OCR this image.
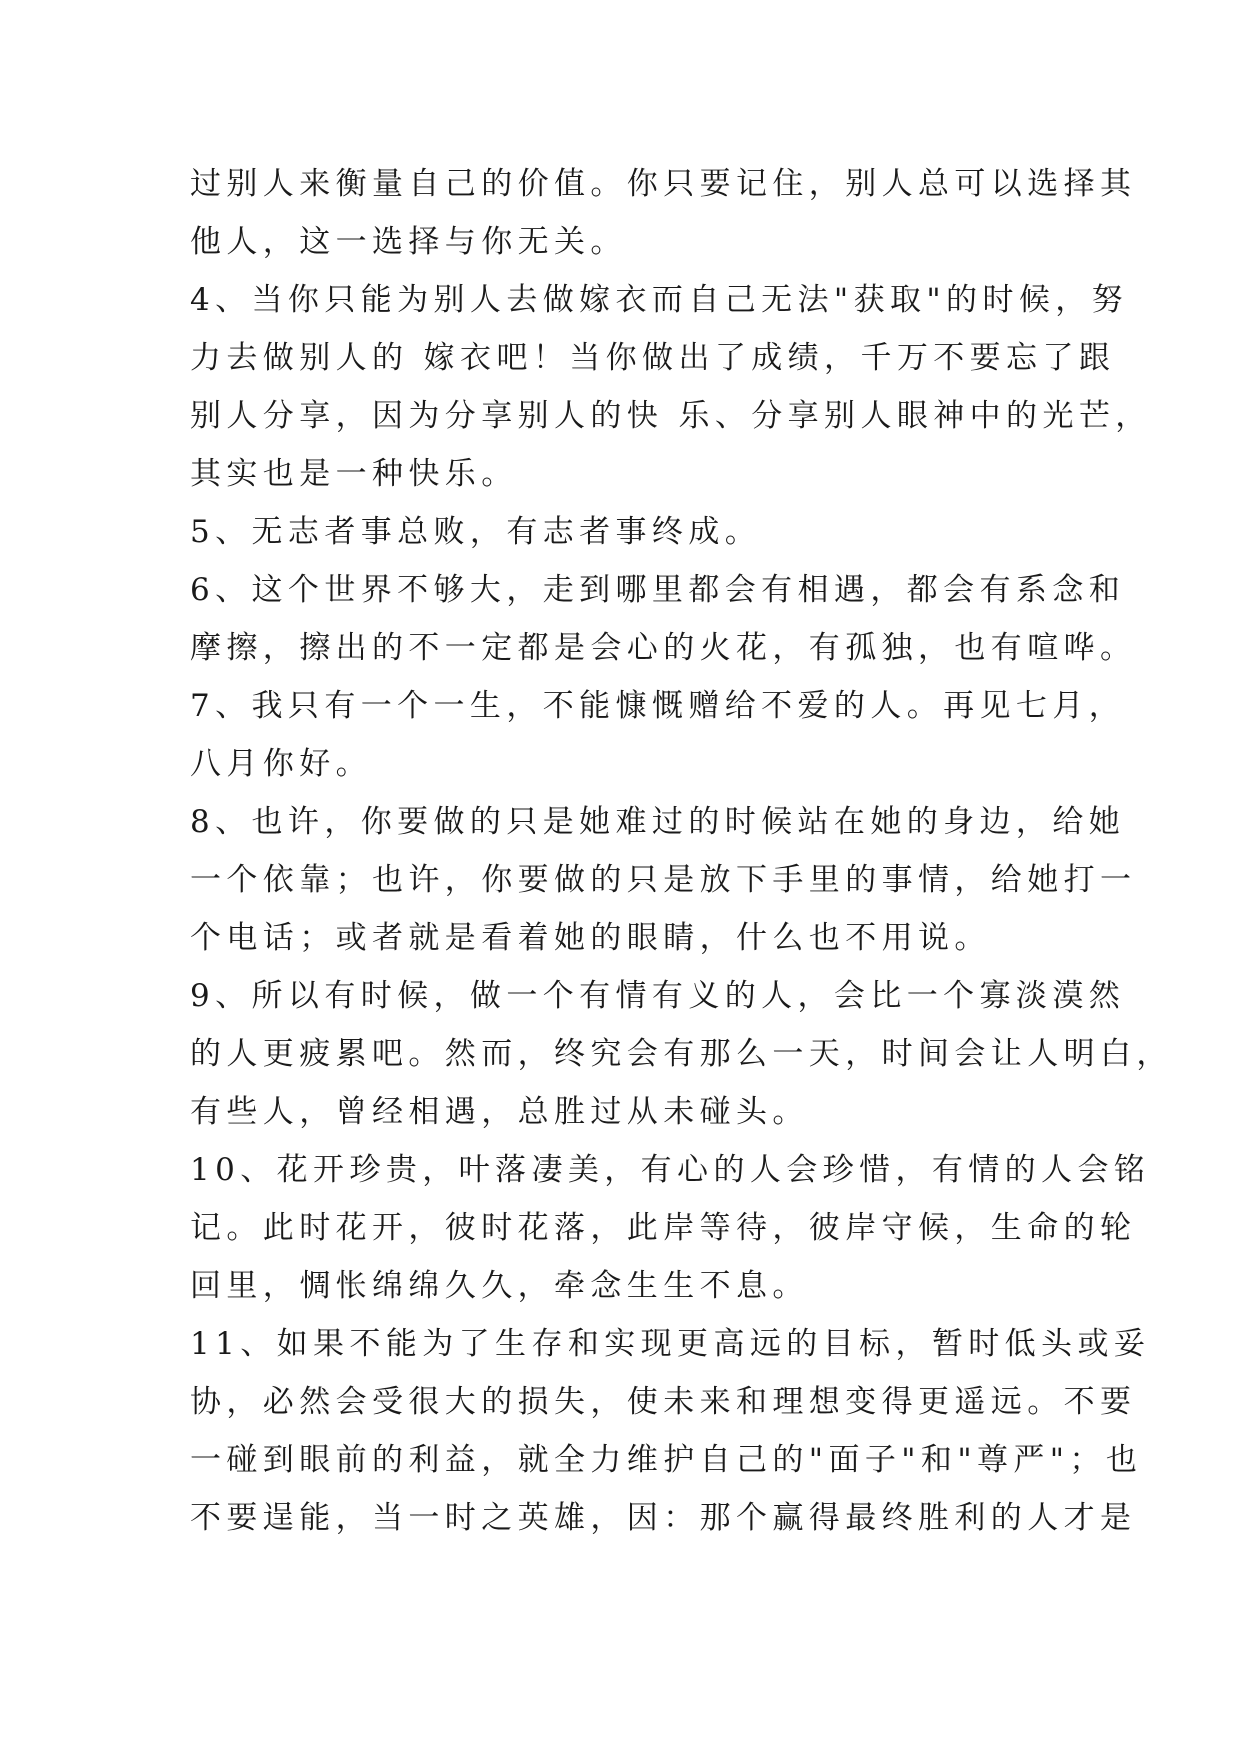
过别人来衡量自己的价值。你只要记住，别人总可以选择其
他人，这一选择与你无关。
4、当你只能为别人去做嫁衣而自己无法"获取"的时候，努
力去做别人的 嫁衣吧！当你做出了成绩，千万不要忘了跟
别人分享，因为分享别人的快 乐、分享别人眼神中的光芒，
其实也是一种快乐。
5、无志者事总败，有志者事终成。
6、这个世界不够大，走到哪里都会有相遇，都会有系念和
摩擦，擦出的不一定都是会心的火花，有孤独，也有喧哗。
7、我只有一个一生，不能慷慨赠给不爱的人。再见七月，
八月你好。
8、也许，你要做的只是她难过的时候站在她的身边，给她
一个依靠；也许，你要做的只是放下手里的事情，给她打一
个电话；或者就是看着她的眼睛，什么也不用说。
9、所以有时候，做一个有情有义的人，会比一个寡淡漠然
的人更疲累吧。然而，终究会有那么一天，时间会让人明白，
有些人，曾经相遇，总胜过从未碰头。
10、花开珍贵，叶落凄美，有心的人会珍惜，有情的人会铭
记。此时花开，彼时花落，此岸等待，彼岸守候，生命的轮
回里，惆怅绵绵久久，牵念生生不息。
11、如果不能为了生存和实现更高远的目标，暂时低头或妥
协，必然会受很大的损失，使未来和理想变得更遥远。不要
一碰到眼前的利益，就全力维护自己的"面子"和"尊严"；也
不要逞能，当一时之英雄，因：那个赢得最终胜利的人才是
